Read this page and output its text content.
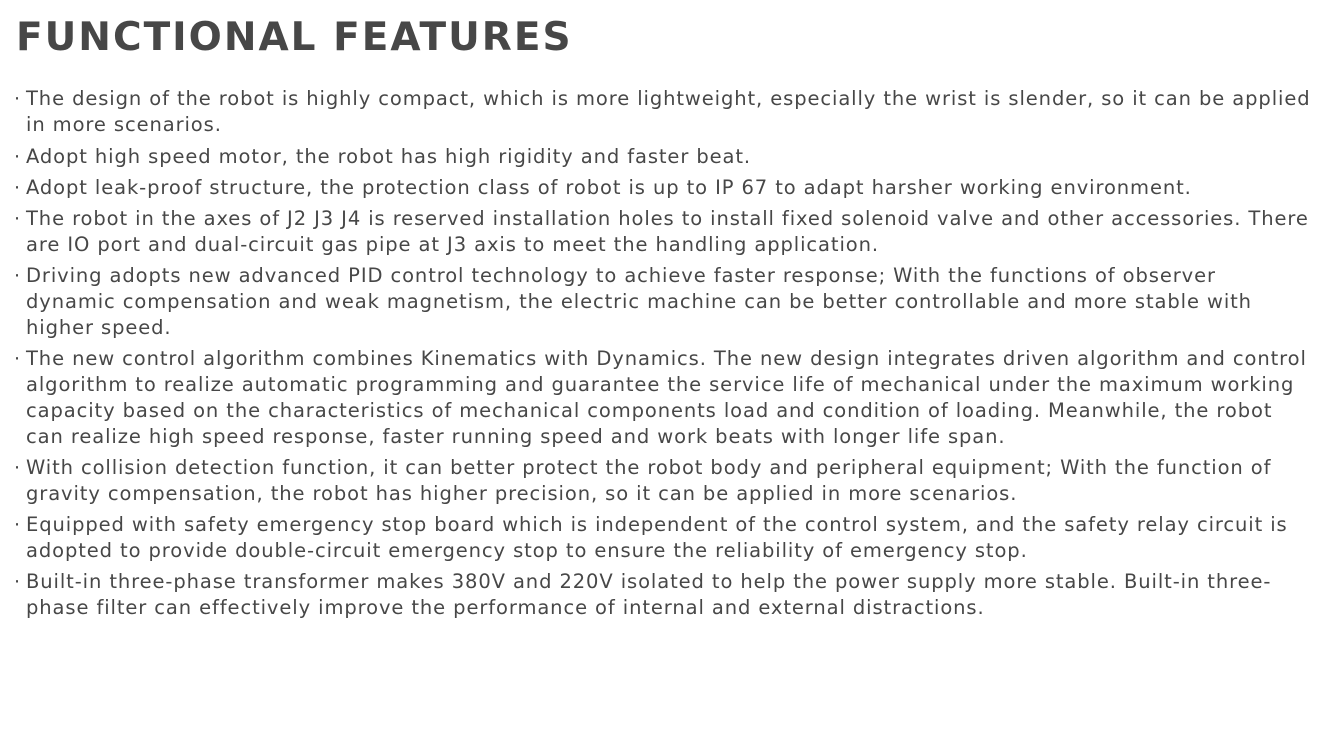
FUNCTIONAL FEATURES
· The design of the robot is highly compact, which is more lightweight, especially the wrist is slender, so it can be applied in more scenarios.
· Adopt high speed motor, the robot has high rigidity and faster beat.
· Adopt leak-proof structure, the protection class of robot is up to IP 67 to adapt harsher working environment.
· The robot in the axes of J2 J3 J4 is reserved installation holes to install fixed solenoid valve and other accessories. There are IO port and dual-circuit gas pipe at J3 axis to meet the handling application.
· Driving adopts new advanced PID control technology to achieve faster response; With the functions of observer dynamic compensation and weak magnetism, the electric machine can be better controllable and more stable with higher speed.
· The new control algorithm combines Kinematics with Dynamics. The new design integrates driven algorithm and control algorithm to realize automatic programming and guarantee the service life of mechanical under the maximum working capacity based on the characteristics of mechanical components load and condition of loading. Meanwhile, the robot can realize high speed response, faster running speed and work beats with longer life span.
· With collision detection function, it can better protect the robot body and peripheral equipment; With the function of gravity compensation, the robot has higher precision, so it can be applied in more scenarios.
· Equipped with safety emergency stop board which is independent of the control system, and the safety relay circuit is adopted to provide double-circuit emergency stop to ensure the reliability of emergency stop.
· Built-in three-phase transformer makes 380V and 220V isolated to help the power supply more stable. Built-in three-phase filter can effectively improve the performance of internal and external distractions.
